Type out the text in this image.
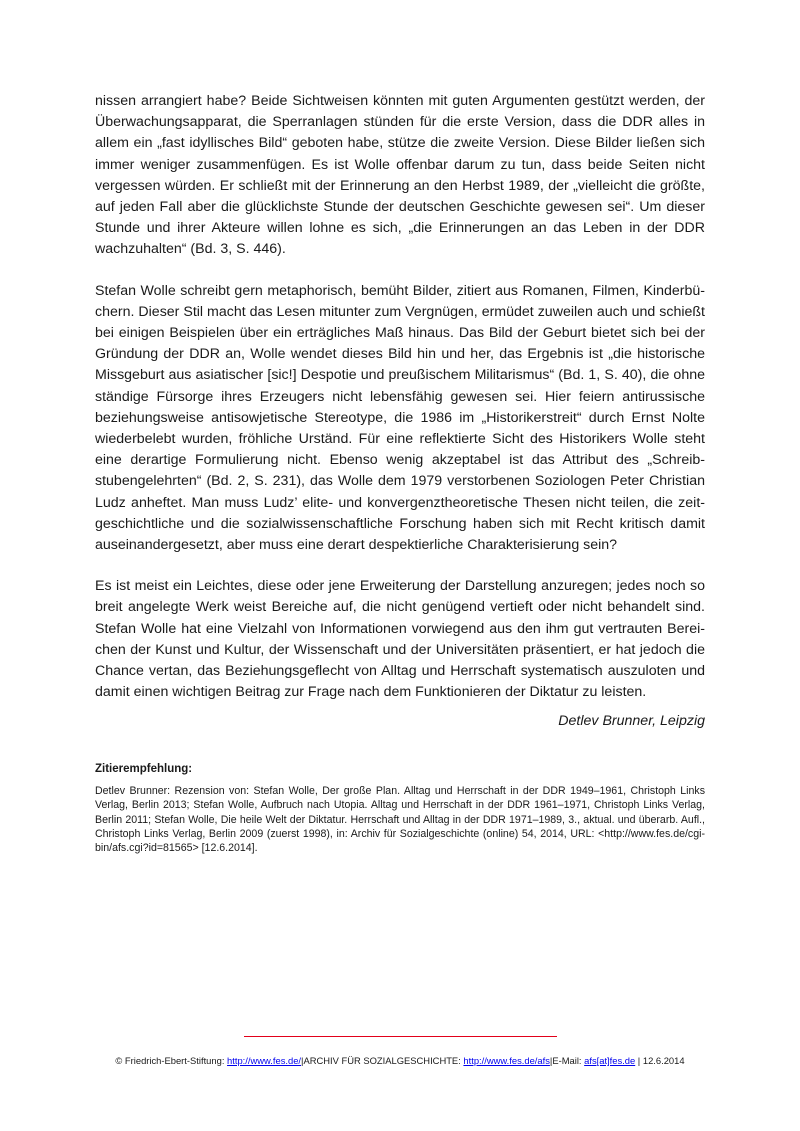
nissen arrangiert habe? Beide Sichtweisen könnten mit guten Argumenten gestützt werden, der Überwachungsapparat, die Sperranlagen stünden für die erste Version, dass die DDR alles in allem ein „fast idyllisches Bild“ geboten habe, stütze die zweite Version. Diese Bilder ließen sich immer weniger zusammenfügen. Es ist Wolle offenbar darum zu tun, dass beide Seiten nicht vergessen würden. Er schließt mit der Erinnerung an den Herbst 1989, der „vielleicht die größte, auf jeden Fall aber die glücklichste Stunde der deutschen Geschichte gewesen sei“. Um dieser Stunde und ihrer Akteure willen lohne es sich, „die Erinnerungen an das Leben in der DDR wachzuhalten“ (Bd. 3, S. 446).

Stefan Wolle schreibt gern metaphorisch, bemüht Bilder, zitiert aus Romanen, Filmen, Kinderbüchern. Dieser Stil macht das Lesen mitunter zum Vergnügen, ermüdet zuweilen auch und schießt bei einigen Beispielen über ein erträgliches Maß hinaus. Das Bild der Geburt bietet sich bei der Gründung der DDR an, Wolle wendet dieses Bild hin und her, das Ergebnis ist „die historische Missgeburt aus asiatischer [sic!] Despotie und preußischem Militarismus“ (Bd. 1, S. 40), die ohne ständige Fürsorge ihres Erzeugers nicht lebensfähig gewesen sei. Hier feiern antirussische beziehungsweise antisowjetische Stereotype, die 1986 im „Historikerstreit“ durch Ernst Nolte wiederbelebt wurden, fröhliche Urständ. Für eine reflektierte Sicht des Historikers Wolle steht eine derartige Formulierung nicht. Ebenso wenig akzeptabel ist das Attribut des „Schreibstubengelehrten“ (Bd. 2, S. 231), das Wolle dem 1979 verstorbenen Soziologen Peter Christian Ludz anheftet. Man muss Ludz’ elite- und konvergenztheoretische Thesen nicht teilen, die zeitgeschichtliche und die sozialwissenschaftliche Forschung haben sich mit Recht kritisch damit auseinandergesetzt, aber muss eine derart despektierliche Charakterisierung sein?

Es ist meist ein Leichtes, diese oder jene Erweiterung der Darstellung anzuregen; jedes noch so breit angelegte Werk weist Bereiche auf, die nicht genügend vertieft oder nicht behandelt sind. Stefan Wolle hat eine Vielzahl von Informationen vorwiegend aus den ihm gut vertrauten Bereichen der Kunst und Kultur, der Wissenschaft und der Universitäten präsentiert, er hat jedoch die Chance vertan, das Beziehungsgeflecht von Alltag und Herrschaft systematisch auszuloten und damit einen wichtigen Beitrag zur Frage nach dem Funktionieren der Diktatur zu leisten.

Detlev Brunner, Leipzig

Zitierempfehlung:

Detlev Brunner: Rezension von: Stefan Wolle, Der große Plan. Alltag und Herrschaft in der DDR 1949–1961, Christoph Links Verlag, Berlin 2013; Stefan Wolle, Aufbruch nach Utopia. Alltag und Herrschaft in der DDR 1961–1971, Christoph Links Verlag, Berlin 2011; Stefan Wolle, Die heile Welt der Diktatur. Herrschaft und Alltag in der DDR 1971–1989, 3., aktual. und überarb. Aufl., Christoph Links Verlag, Berlin 2009 (zuerst 1998), in: Archiv für Sozialgeschichte (online) 54, 2014, URL: <http://www.fes.de/cgi-bin/afs.cgi?id=81565> [12.6.2014].

© Friedrich-Ebert-Stiftung: http://www.fes.de/|ARCHIV FÜR SOZIALGESCHICHTE: http://www.fes.de/afs|E-Mail: afs[at]fes.de | 12.6.2014
